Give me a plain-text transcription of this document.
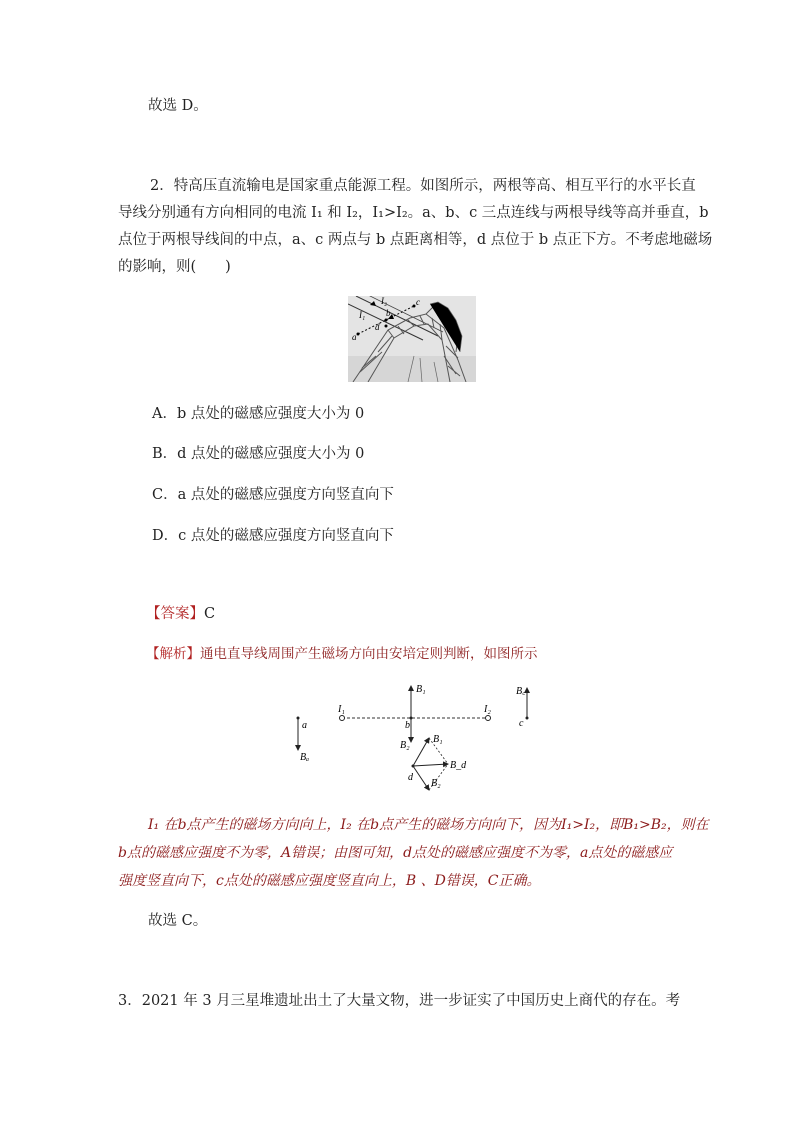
故选 D。
2．特高压直流输电是国家重点能源工程。如图所示，两根等高、相互平行的水平长直
导线分别通有方向相同的电流 I₁ 和 I₂，I₁>I₂。a、b、c 三点连线与两根导线等高并垂直，b
点位于两根导线间的中点，a、c 两点与 b 点距离相等，d 点位于 b 点正下方。不考虑地磁场
的影响，则(　　)
I₁
I₂
a
b
c
d
A．b 点处的磁感应强度大小为 0
B．d 点处的磁感应强度大小为 0
C．a 点处的磁感应强度方向竖直向下
D．c 点处的磁感应强度方向竖直向下
【答案】C
【解析】通电直导线周围产生磁场方向由安培定则判断，如图所示
I₁	I₂
a
Bₐ
B₁
b
B₂
B꜀
c
B₁
B_d
B₂
d
I₁ 在b点产生的磁场方向向上，I₂ 在b点产生的磁场方向向下，因为I₁>I₂，即B₁>B₂，则在
b点的磁感应强度不为零，A错误；由图可知，d点处的磁感应强度不为零，a点处的磁感应
强度竖直向下，c点处的磁感应强度竖直向上，B 、D错误，C正确。
故选 C。
3．2021 年 3 月三星堆遗址出土了大量文物，进一步证实了中国历史上商代的存在。考
